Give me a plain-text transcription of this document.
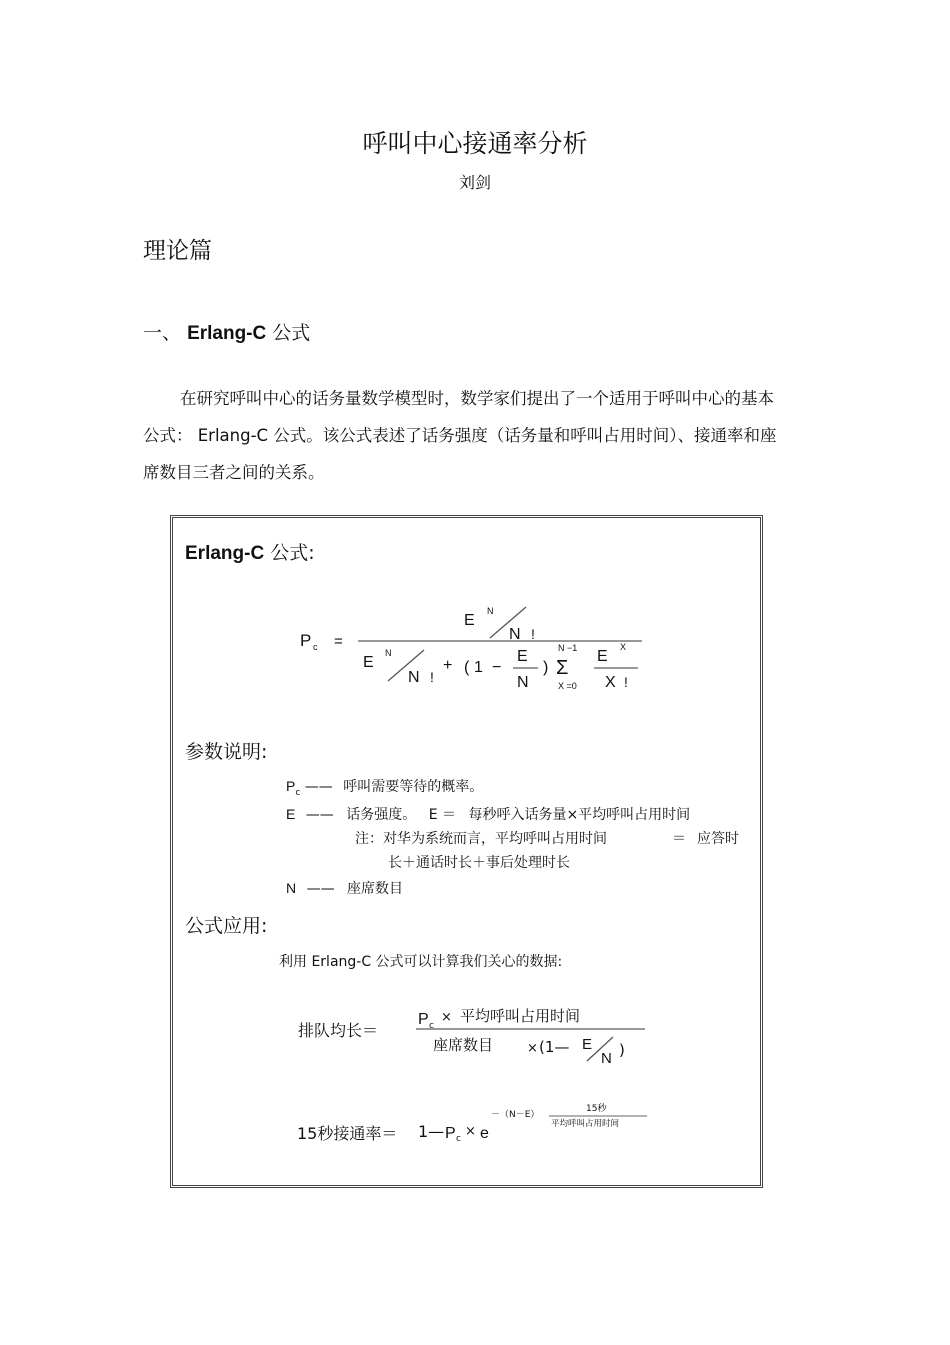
呼叫中心接通率分析
刘剑
理论篇
一、 Erlang-C 公式
在研究呼叫中心的话务量数学模型时，数学家们提出了一个适用于呼叫中心的基本公式： Erlang-C 公式。该公式表述了话务强度（话务量和呼叫占用时间）、接通率和座席数目三者之间的关系。
Erlang-C 公式:
P c =
E
N
N !
E
N
N !
+ ( 1 −
E
N
)
N −1
Σ
X =0
E
X
X !
参数说明:
$P_c$ —— 呼叫需要等待的概率。
E —— 话务强度。 E ＝ 每秒呼入话务量×平均呼叫占用时间
注：对华为系统而言，平均呼叫占用时间	＝ 应答时
长＋通话时长＋事后处理时长
N —— 座席数目
公式应用:
利用 Erlang-C 公式可以计算我们关心的数据:
排队均长＝
P c
× 平均呼叫占用时间
座席数目	× (1— E
N )
15秒接通率＝ 1— P c × e
－（N－E）
15秒
平均呼叫占用时间
